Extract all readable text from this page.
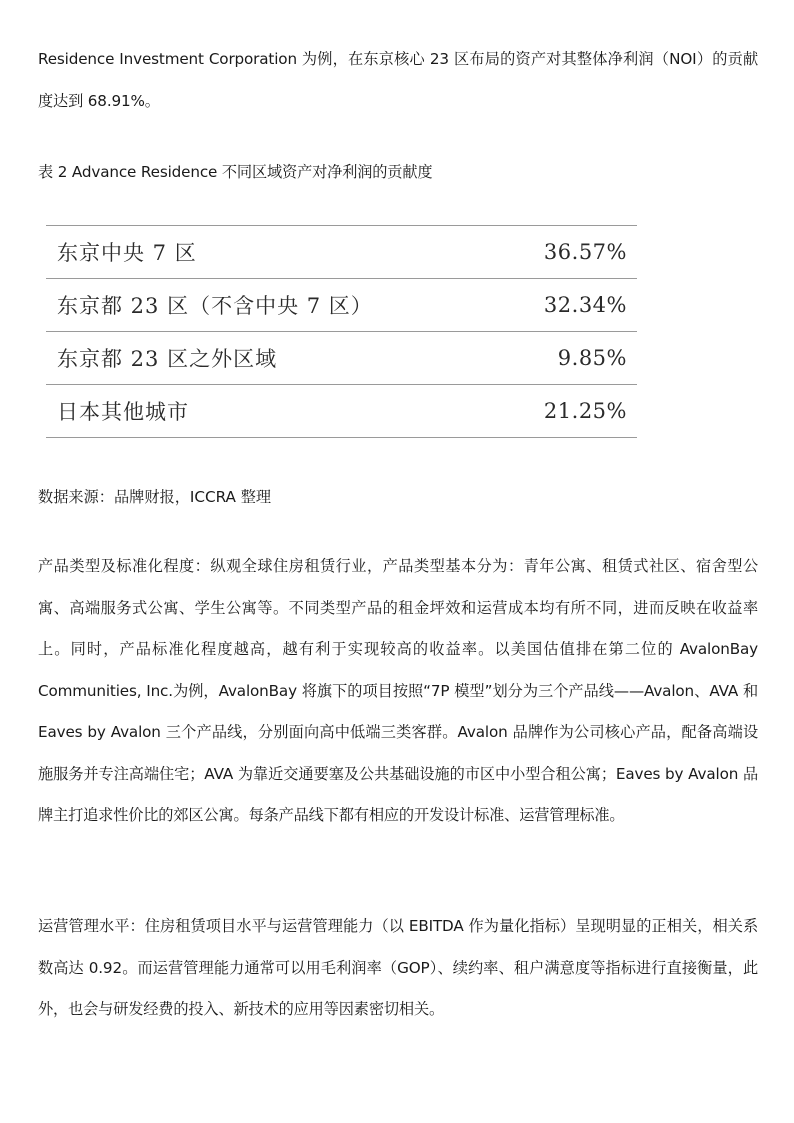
Residence Investment Corporation 为例，在东京核心 23 区布局的资产对其整体净利润（NOI）的贡献度达到 68.91%。

表 2 Advance Residence 不同区域资产对净利润的贡献度

东京中央 7 区	36.57%
东京都 23 区（不含中央 7 区）	32.34%
东京都 23 区之外区域	9.85%
日本其他城市	21.25%

数据来源：品牌财报，ICCRA 整理

产品类型及标准化程度：纵观全球住房租赁行业，产品类型基本分为：青年公寓、租赁式社区、宿舍型公寓、高端服务式公寓、学生公寓等。不同类型产品的租金坪效和运营成本均有所不同，进而反映在收益率上。同时，产品标准化程度越高，越有利于实现较高的收益率。以美国估值排在第二位的 AvalonBay Communities, Inc.为例，AvalonBay 将旗下的项目按照“7P 模型”划分为三个产品线——Avalon、AVA 和 Eaves by Avalon 三个产品线，分别面向高中低端三类客群。Avalon 品牌作为公司核心产品，配备高端设施服务并专注高端住宅；AVA 为靠近交通要塞及公共基础设施的市区中小型合租公寓；Eaves by Avalon 品牌主打追求性价比的郊区公寓。每条产品线下都有相应的开发设计标准、运营管理标准。

运营管理水平：住房租赁项目水平与运营管理能力（以 EBITDA 作为量化指标）呈现明显的正相关，相关系数高达 0.92。而运营管理能力通常可以用毛利润率（GOP）、续约率、租户满意度等指标进行直接衡量，此外，也会与研发经费的投入、新技术的应用等因素密切相关。
